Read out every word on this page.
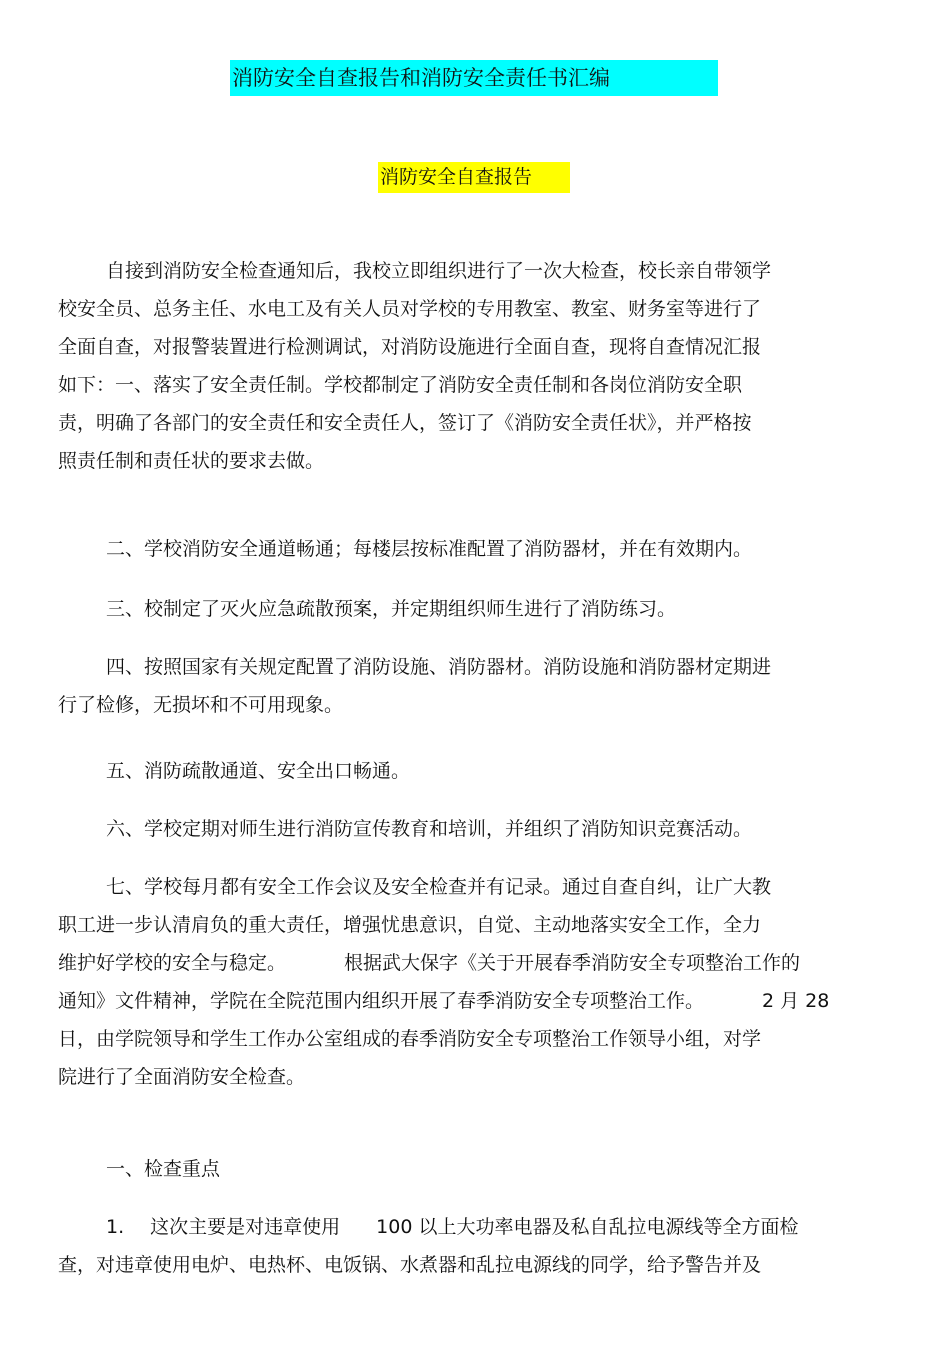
消防安全自查报告和消防安全责任书汇编
消防安全自查报告
自接到消防安全检查通知后，我校立即组织进行了一次大检查，校长亲自带领学
校安全员、总务主任、水电工及有关人员对学校的专用教室、教室、财务室等进行了
全面自查，对报警装置进行检测调试，对消防设施进行全面自查，现将自查情况汇报
如下：一、落实了安全责任制。学校都制定了消防安全责任制和各岗位消防安全职
责，明确了各部门的安全责任和安全责任人，签订了《消防安全责任状》，并严格按
照责任制和责任状的要求去做。
二、学校消防安全通道畅通；每楼层按标准配置了消防器材，并在有效期内。
三、校制定了灭火应急疏散预案，并定期组织师生进行了消防练习。
四、按照国家有关规定配置了消防设施、消防器材。消防设施和消防器材定期进
行了检修，无损坏和不可用现象。
五、消防疏散通道、安全出口畅通。
六、学校定期对师生进行消防宣传教育和培训，并组织了消防知识竞赛活动。
七、学校每月都有安全工作会议及安全检查并有记录。通过自查自纠，让广大教
职工进一步认清肩负的重大责任，增强忧患意识，自觉、主动地落实安全工作，全力
维护好学校的安全与稳定。	根据武大保字《关于开展春季消防安全专项整治工作的
通知》文件精神，学院在全院范围内组织开展了春季消防安全专项整治工作。	2 月 28
日，由学院领导和学生工作办公室组成的春季消防安全专项整治工作领导小组，对学
院进行了全面消防安全检查。
一、检查重点
1. 这次主要是对违章使用 100 以上大功率电器及私自乱拉电源线等全方面检
查，对违章使用电炉、电热杯、电饭锅、水煮器和乱拉电源线的同学，给予警告并及
